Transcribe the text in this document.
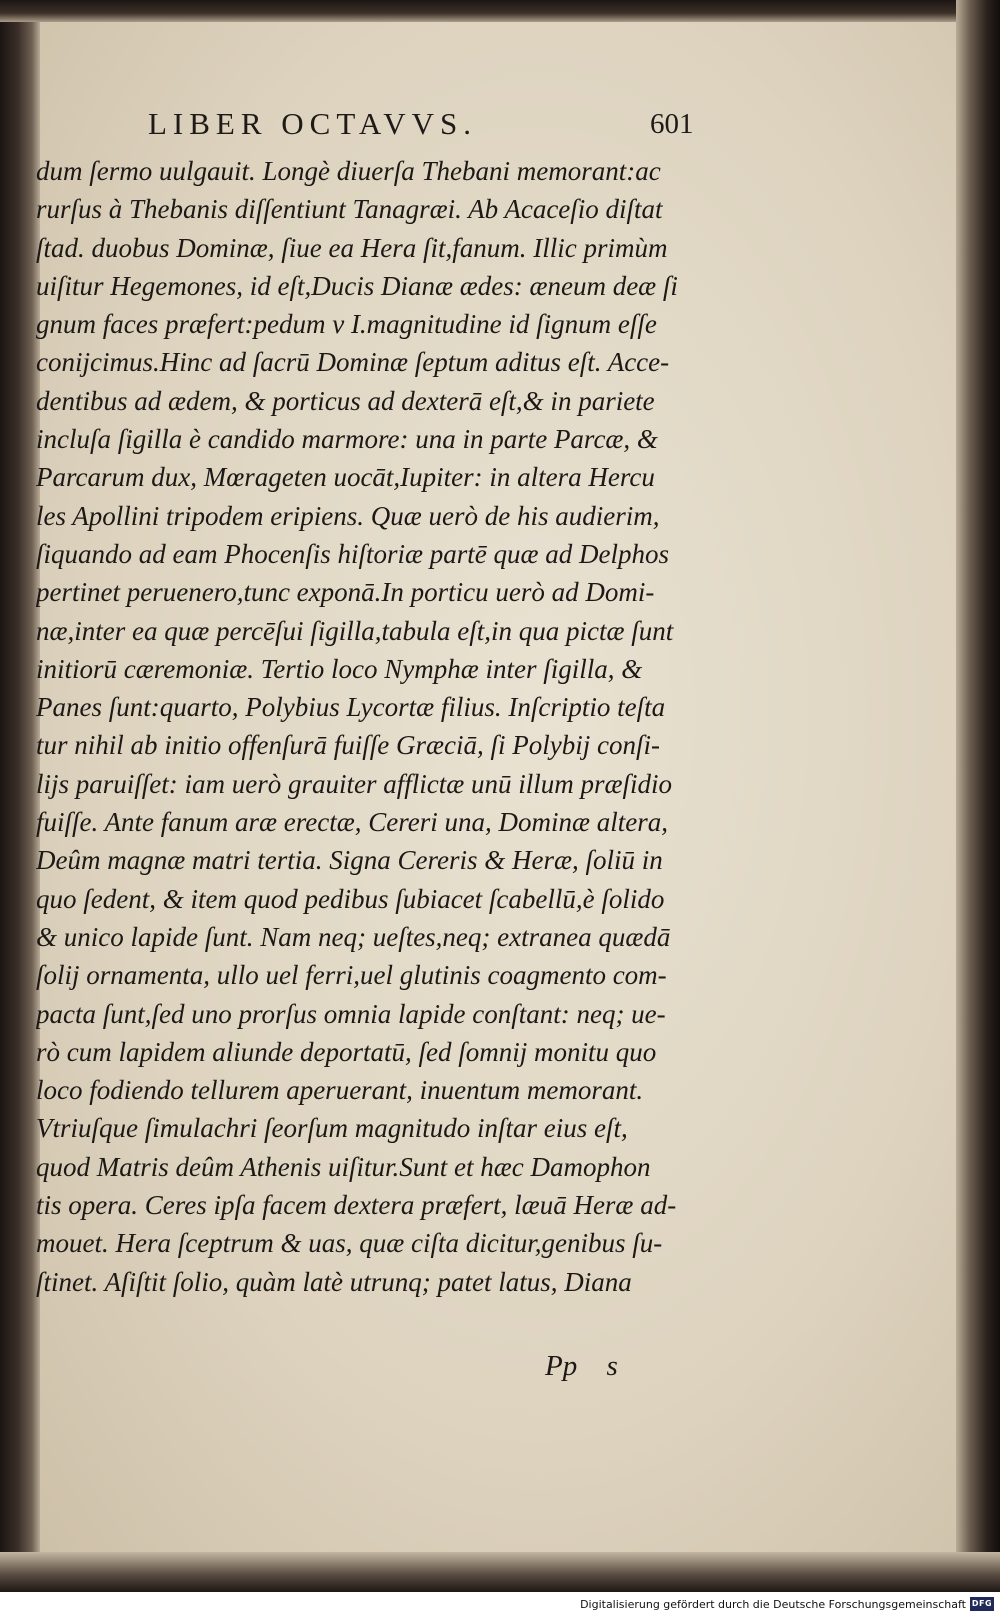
LIBER OCTAVVS.	601
dum ſermo uulgauit. Longè diuerſa Thebani memorant:ac
rurſus à Thebanis diſſentiunt Tanagræi. Ab Acaceſio diſtat
ſtad. duobus Dominæ, ſiue ea Hera ſit,fanum. Illic primùm
uiſitur Hegemones, id eſt,Ducis Dianæ ædes: æneum deæ ſi
gnum faces præfert:pedum v I.magnitudine id ſignum eſſe
conijcimus.Hinc ad ſacrū Dominæ ſeptum aditus eſt. Acce-
dentibus ad ædem, & porticus ad dexterā eſt,& in pariete
incluſa ſigilla è candido marmore: una in parte Parcæ, &
Parcarum dux, Mœrageten uocāt,Iupiter: in altera Hercu
les Apollini tripodem eripiens. Quæ uerò de his audierim,
ſiquando ad eam Phocenſis hiſtoriæ partē quæ ad Delphos
pertinet peruenero,tunc exponā.In porticu uerò ad Domi-
næ,inter ea quæ percēſui ſigilla,tabula eſt,in qua pictæ ſunt
initiorū cæremoniæ. Tertio loco Nymphæ inter ſigilla, &
Panes ſunt:quarto, Polybius Lycortæ filius. Inſcriptio teſta
tur nihil ab initio offenſurā fuiſſe Græciā, ſi Polybij conſi-
lijs paruiſſet: iam uerò grauiter afflictæ unū illum præſidio
fuiſſe. Ante fanum aræ erectæ, Cereri una, Dominæ altera,
Deûm magnæ matri tertia. Signa Cereris & Heræ, ſoliū in
quo ſedent, & item quod pedibus ſubiacet ſcabellū,è ſolido
& unico lapide ſunt. Nam neq; ueſtes,neq; extranea quædā
ſolij ornamenta, ullo uel ferri,uel glutinis coagmento com-
pacta ſunt,ſed uno prorſus omnia lapide conſtant: neq; ue-
rò cum lapidem aliunde deportatū, ſed ſomnij monitu quo
loco fodiendo tellurem aperuerant, inuentum memorant.
Vtriuſque ſimulachri ſeorſum magnitudo inſtar eius eſt,
quod Matris deûm Athenis uiſitur.Sunt et hæc Damophon
tis opera. Ceres ipſa facem dextera præfert, læuā Heræ ad-
mouet. Hera ſceptrum & uas, quæ ciſta dicitur,genibus ſu-
ſtinet. Aſiſtit ſolio, quàm latè utrunq; patet latus, Diana
Pp s
Digitalisierung gefördert durch die Deutsche Forschungsgemeinschaft DFG
